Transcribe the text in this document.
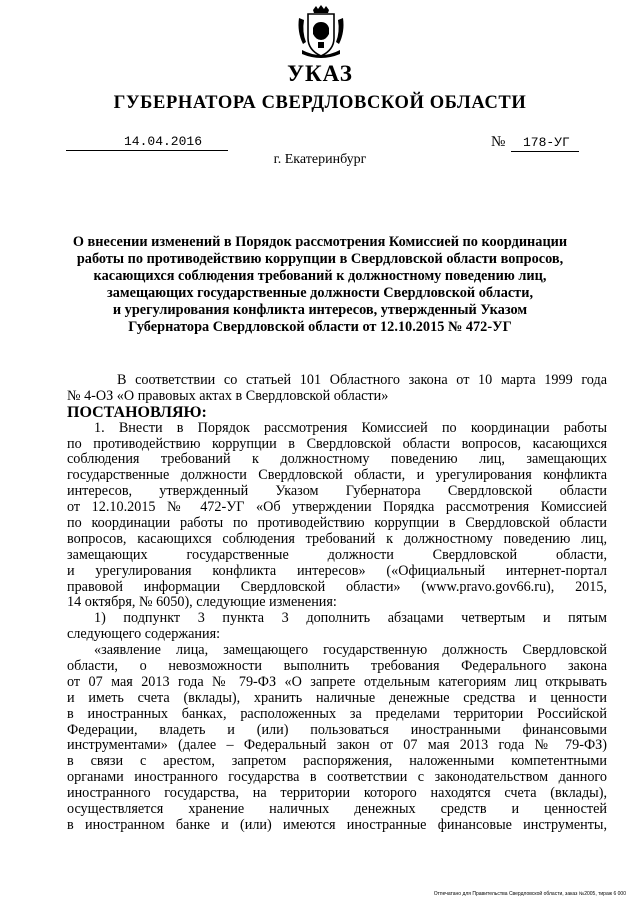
УКАЗ
ГУБЕРНАТОРА СВЕРДЛОВСКОЙ ОБЛАСТИ
14.04.2016	№ 178-УГ
г. Екатеринбург
О внесении изменений в Порядок рассмотрения Комиссией по координации
работы по противодействию коррупции в Свердловской области вопросов,
касающихся соблюдения требований к должностному поведению лиц,
замещающих государственные должности Свердловской области,
и урегулирования конфликта интересов, утвержденный Указом
Губернатора Свердловской области от 12.10.2015 № 472-УГ
В соответствии со статьей 101 Областного закона от 10 марта 1999 года
№ 4-ОЗ «О правовых актах в Свердловской области»
ПОСТАНОВЛЯЮ:
1. Внести в Порядок рассмотрения Комиссией по координации работы
по противодействию коррупции в Свердловской области вопросов, касающихся
соблюдения требований к должностному поведению лиц, замещающих
государственные должности Свердловской области, и урегулирования конфликта
интересов, утвержденный Указом Губернатора Свердловской области
от 12.10.2015 № 472-УГ «Об утверждении Порядка рассмотрения Комиссией
по координации работы по противодействию коррупции в Свердловской области
вопросов, касающихся соблюдения требований к должностному поведению лиц,
замещающих государственные должности Свердловской области,
и урегулирования конфликта интересов» («Официальный интернет-портал
правовой информации Свердловской области» (www.pravo.gov66.ru), 2015,
14 октября, № 6050), следующие изменения:
1) подпункт 3 пункта 3 дополнить абзацами четвертым и пятым
следующего содержания:
«заявление лица, замещающего государственную должность Свердловской
области, о невозможности выполнить требования Федерального закона
от 07 мая 2013 года № 79-ФЗ «О запрете отдельным категориям лиц открывать
и иметь счета (вклады), хранить наличные денежные средства и ценности
в иностранных банках, расположенных за пределами территории Российской
Федерации, владеть и (или) пользоваться иностранными финансовыми
инструментами» (далее – Федеральный закон от 07 мая 2013 года № 79-ФЗ)
в связи с арестом, запретом распоряжения, наложенными компетентными
органами иностранного государства в соответствии с законодательством данного
иностранного государства, на территории которого находятся счета (вклады),
осуществляется хранение наличных денежных средств и ценностей
в иностранном банке и (или) имеются иностранные финансовые инструменты,
Отпечатано для Правительства Свердловской области, заказ №2005, тираж 6 000
